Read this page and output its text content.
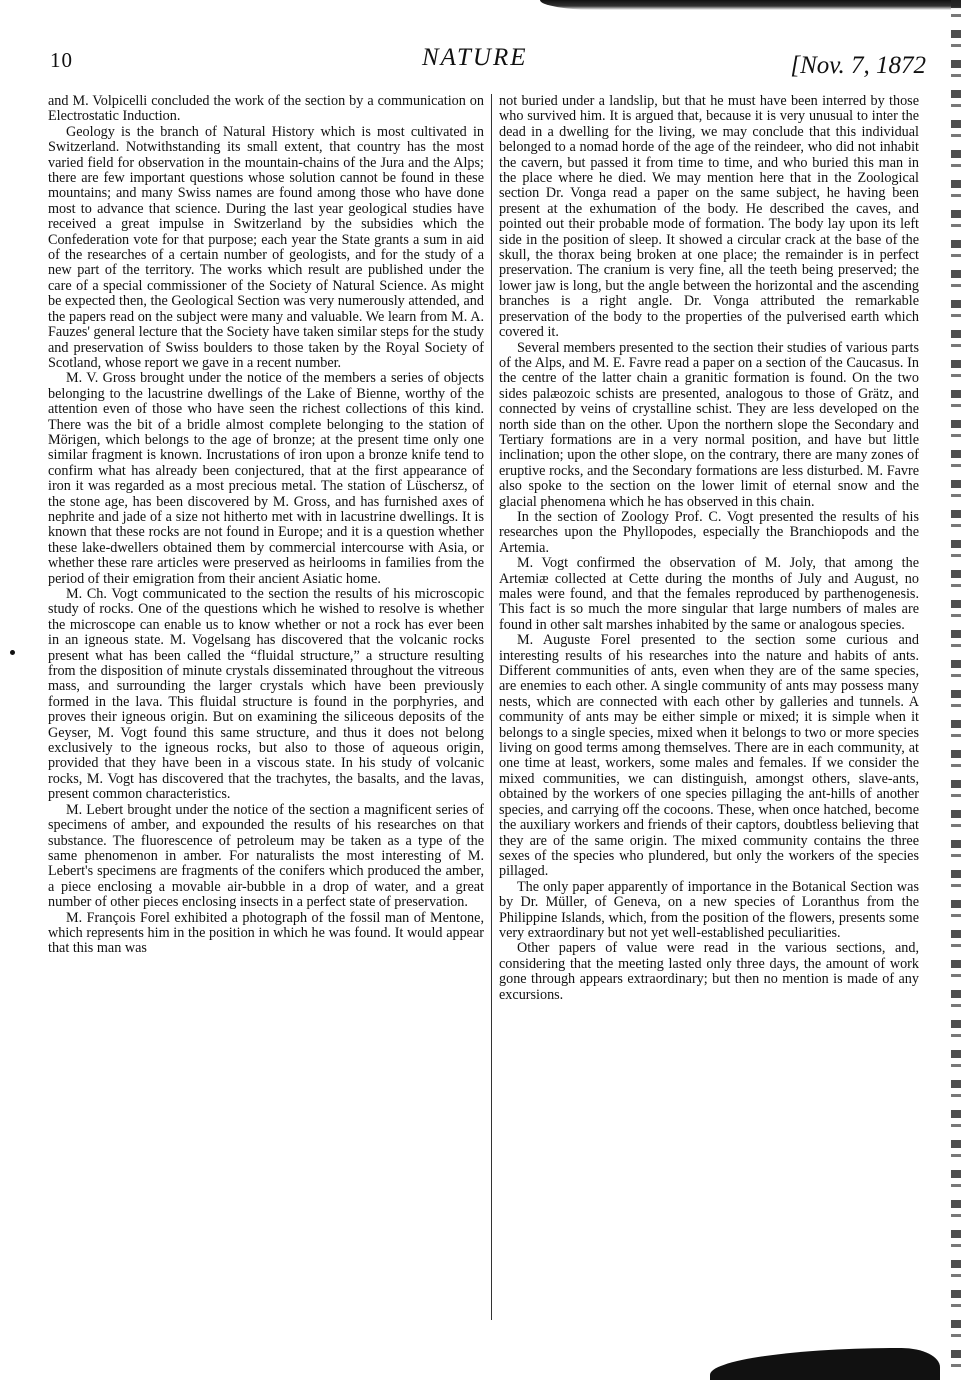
10	NATURE	[Nov. 7, 1872

and M. Volpicelli concluded the work of the section by a communication on Electrostatic Induction.

Geology is the branch of Natural History which is most cultivated in Switzerland. Notwithstanding its small extent, that country has the most varied field for observation in the mountain-chains of the Jura and the Alps; there are few important questions whose solution cannot be found in these mountains; and many Swiss names are found among those who have done most to advance that science. During the last year geological studies have received a great impulse in Switzerland by the subsidies which the Confederation vote for that purpose; each year the State grants a sum in aid of the researches of a certain number of geologists, and for the study of a new part of the territory. The works which result are published under the care of a special commissioner of the Society of Natural Science. As might be expected then, the Geological Section was very numerously attended, and the papers read on the subject were many and valuable. We learn from M. A. Fauzes' general lecture that the Society have taken similar steps for the study and preservation of Swiss boulders to those taken by the Royal Society of Scotland, whose report we gave in a recent number.

M. V. Gross brought under the notice of the members a series of objects belonging to the lacustrine dwellings of the Lake of Bienne, worthy of the attention even of those who have seen the richest collections of this kind. There was the bit of a bridle almost complete belonging to the station of Mörigen, which belongs to the age of bronze; at the present time only one similar fragment is known. Incrustations of iron upon a bronze knife tend to confirm what has already been conjectured, that at the first appearance of iron it was regarded as a most precious metal. The station of Lüschersz, of the stone age, has been discovered by M. Gross, and has furnished axes of nephrite and jade of a size not hitherto met with in lacustrine dwellings. It is known that these rocks are not found in Europe; and it is a question whether these lake-dwellers obtained them by commercial intercourse with Asia, or whether these rare articles were preserved as heirlooms in families from the period of their emigration from their ancient Asiatic home.

M. Ch. Vogt communicated to the section the results of his microscopic study of rocks. One of the questions which he wished to resolve is whether the microscope can enable us to know whether or not a rock has ever been in an igneous state. M. Vogelsang has discovered that the volcanic rocks present what has been called the “fluidal structure,” a structure resulting from the disposition of minute crystals disseminated throughout the vitreous mass, and surrounding the larger crystals which have been previously formed in the lava. This fluidal structure is found in the porphyries, and proves their igneous origin. But on examining the siliceous deposits of the Geyser, M. Vogt found this same structure, and thus it does not belong exclusively to the igneous rocks, but also to those of aqueous origin, provided that they have been in a viscous state. In his study of volcanic rocks, M. Vogt has discovered that the trachytes, the basalts, and the lavas, present common characteristics.

M. Lebert brought under the notice of the section a magnificent series of specimens of amber, and expounded the results of his researches on that substance. The fluorescence of petroleum may be taken as a type of the same phenomenon in amber. For naturalists the most interesting of M. Lebert's specimens are fragments of the conifers which produced the amber, a piece enclosing a movable air-bubble in a drop of water, and a great number of other pieces enclosing insects in a perfect state of preservation.

M. François Forel exhibited a photograph of the fossil man of Mentone, which represents him in the position in which he was found. It would appear that this man was

not buried under a landslip, but that he must have been interred by those who survived him. It is argued that, because it is very unusual to inter the dead in a dwelling for the living, we may conclude that this individual belonged to a nomad horde of the age of the reindeer, who did not inhabit the cavern, but passed it from time to time, and who buried this man in the place where he died. We may mention here that in the Zoological section Dr. Vonga read a paper on the same subject, he having been present at the exhumation of the body. He described the caves, and pointed out their probable mode of formation. The body lay upon its left side in the position of sleep. It showed a circular crack at the base of the skull, the thorax being broken at one place; the remainder is in perfect preservation. The cranium is very fine, all the teeth being preserved; the lower jaw is long, but the angle between the horizontal and the ascending branches is a right angle. Dr. Vonga attributed the remarkable preservation of the body to the properties of the pulverised earth which covered it.

Several members presented to the section their studies of various parts of the Alps, and M. E. Favre read a paper on a section of the Caucasus. In the centre of the latter chain a granitic formation is found. On the two sides palæozoic schists are presented, analogous to those of Grätz, and connected by veins of crystalline schist. They are less developed on the north side than on the other. Upon the northern slope the Secondary and Tertiary formations are in a very normal position, and have but little inclination; upon the other slope, on the contrary, there are many zones of eruptive rocks, and the Secondary formations are less disturbed. M. Favre also spoke to the section on the lower limit of eternal snow and the glacial phenomena which he has observed in this chain.

In the section of Zoology Prof. C. Vogt presented the results of his researches upon the Phyllopodes, especially the Branchiopods and the Artemia.

M. Vogt confirmed the observation of M. Joly, that among the Artemiæ collected at Cette during the months of July and August, no males were found, and that the females reproduced by parthenogenesis. This fact is so much the more singular that large numbers of males are found in other salt marshes inhabited by the same or analogous species.

M. Auguste Forel presented to the section some curious and interesting results of his researches into the nature and habits of ants. Different communities of ants, even when they are of the same species, are enemies to each other. A single community of ants may possess many nests, which are connected with each other by galleries and tunnels. A community of ants may be either simple or mixed; it is simple when it belongs to a single species, mixed when it belongs to two or more species living on good terms among themselves. There are in each community, at one time at least, workers, some males and females. If we consider the mixed communities, we can distinguish, amongst others, slave-ants, obtained by the workers of one species pillaging the ant-hills of another species, and carrying off the cocoons. These, when once hatched, become the auxiliary workers and friends of their captors, doubtless believing that they are of the same origin. The mixed community contains the three sexes of the species who plundered, but only the workers of the species pillaged.

The only paper apparently of importance in the Botanical Section was by Dr. Müller, of Geneva, on a new species of Loranthus from the Philippine Islands, which, from the position of the flowers, presents some very extraordinary but not yet well-established peculiarities.

Other papers of value were read in the various sections, and, considering that the meeting lasted only three days, the amount of work gone through appears extraordinary; but then no mention is made of any excursions.
